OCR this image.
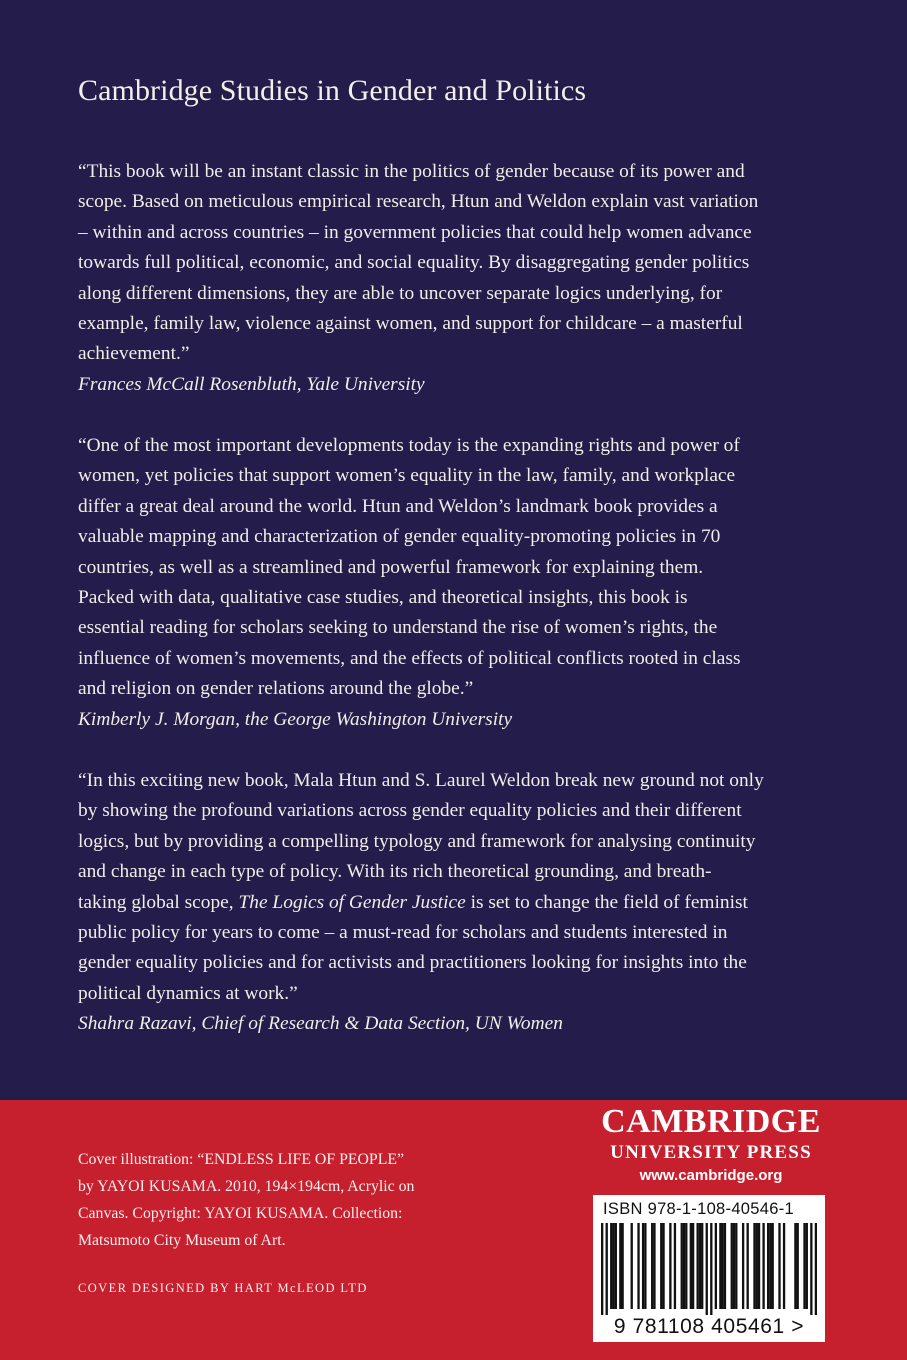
Cambridge Studies in Gender and Politics

“This book will be an instant classic in the politics of gender because of its power and
scope. Based on meticulous empirical research, Htun and Weldon explain vast variation
– within and across countries – in government policies that could help women advance
towards full political, economic, and social equality. By disaggregating gender politics
along different dimensions, they are able to uncover separate logics underlying, for
example, family law, violence against women, and support for childcare – a masterful
achievement.”
Frances McCall Rosenbluth, Yale University

“One of the most important developments today is the expanding rights and power of
women, yet policies that support women’s equality in the law, family, and workplace
differ a great deal around the world. Htun and Weldon’s landmark book provides a
valuable mapping and characterization of gender equality-promoting policies in 70
countries, as well as a streamlined and powerful framework for explaining them.
Packed with data, qualitative case studies, and theoretical insights, this book is
essential reading for scholars seeking to understand the rise of women’s rights, the
influence of women’s movements, and the effects of political conflicts rooted in class
and religion on gender relations around the globe.”
Kimberly J. Morgan, the George Washington University

“In this exciting new book, Mala Htun and S. Laurel Weldon break new ground not only
by showing the profound variations across gender equality policies and their different
logics, but by providing a compelling typology and framework for analysing continuity
and change in each type of policy. With its rich theoretical grounding, and breath-
taking global scope, The Logics of Gender Justice is set to change the field of feminist
public policy for years to come – a must-read for scholars and students interested in
gender equality policies and for activists and practitioners looking for insights into the
political dynamics at work.”
Shahra Razavi, Chief of Research & Data Section, UN Women

Cover illustration: “ENDLESS LIFE OF PEOPLE”
by YAYOI KUSAMA. 2010, 194×194cm, Acrylic on
Canvas. Copyright: YAYOI KUSAMA. Collection:
Matsumoto City Museum of Art.

COVER DESIGNED BY HART McLEOD LTD

CAMBRIDGE
UNIVERSITY PRESS
www.cambridge.org

ISBN 978-1-108-40546-1

9 781108 405461 >
